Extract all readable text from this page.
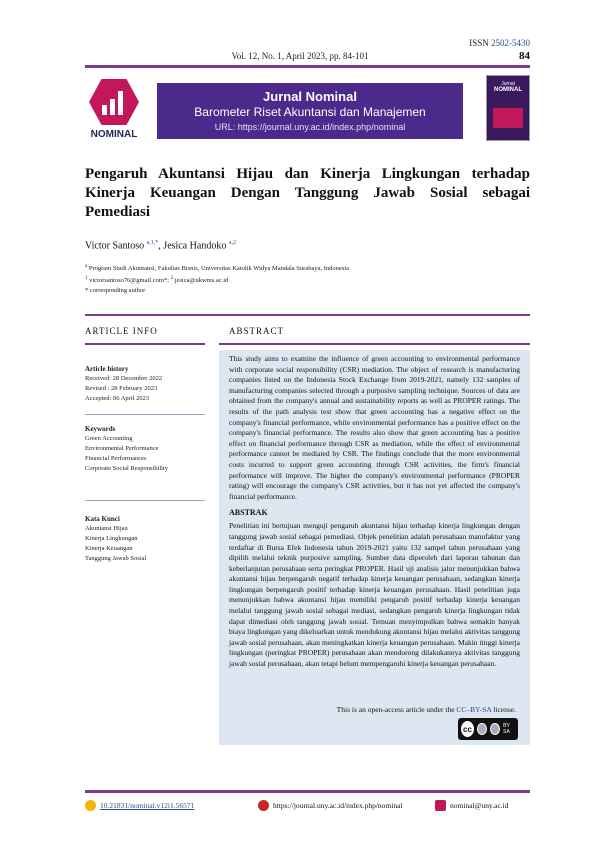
ISSN 2502-5430
Vol. 12, No. 1, April 2023, pp. 84-101	84
NOMINAL
Jurnal Nominal
Barometer Riset Akuntansi dan Manajemen
URL: https://journal.uny.ac.id/index.php/nominal
Jurnal
NOMINAL
Pengaruh Akuntansi Hijau dan Kinerja Lingkungan terhadap Kinerja Keuangan Dengan Tanggung Jawab Sosial sebagai Pemediasi
Victor Santoso $^{a,1,*}$, Jesica Handoko $^{a,2}$
$^a$ Program Studi Akuntansi, Fakultas Bisnis, Universitas Katolik Widya Mandala Surabaya, Indonesia
$^1$ victorsantoso76@gmail.com*; $^2$ jesica@ukwms.ac.id
* corresponding author
ARTICLE INFO	ABSTRACT
Article history
Received: 28 December 2022
Revised : 28 February 2023
Accepted: 06 April 2023
Keywords
Green Accounting
Environmental Performance
Financial Performances
Corporate Social Responsibility
Kata Kunci
Akuntansi Hijau
Kinerja Lingkungan
Kinerja Keuangan
Tanggung Jawab Sosial

This study aims to examine the influence of green accounting to environmental performance with corporate social responsibility (CSR) mediation. The object of research is manufacturing companies listed on the Indonesia Stock Exchange from 2019-2021, namely 132 samples of manufacturing companies selected through a purposive sampling technique. Sources of data are obtained from the company's annual and sustainability reports as well as PROPER ratings. The results of the path analysis test show that green accounting has a negative effect on the company's financial performance, while environmental performance has a positive effect on the company's financial performance. The results also show that green accounting has a positive effect on financial performance through CSR as mediation, while the effect of environmental performance cannot be mediated by CSR. The findings conclude that the more environmental costs incurred to support green accounting through CSR activities, the firm's financial performance will improve. The higher the company's environmental performance (PROPER rating) will encourage the company's CSR activities, but it has not yet affected the company's financial performance.

ABSTRAK

Penelitian ini bertujuan menguji pengaruh akuntansi hijau terhadap kinerja lingkungan dengan tanggung jawab sosial sebagai pemediasi. Objek penelitian adalah perusahaan manufaktur yang terdaftar di Bursa Efek Indonesia tahun 2019-2021 yaitu 132 sampel tahun perusahaan yang dipilih melalui teknik purposive sampling. Sumber data diperoleh dari laporan tahunan dan keberlanjutan perusahaan serta peringkat PROPER. Hasil uji analisis jalur menunjukkan bahwa akuntansi hijau berpengaruh negatif terhadap kinerja keuangan perusahaan, sedangkan kinerja lingkungan berpengaruh positif terhadap kinerja keuangan perusahaan. Hasil penelitian juga menunjukkan bahwa akuntansi hijau memiliki pengaruh positif terhadap kinerja keuangan melalui tanggung jawab sosial sebagai mediasi, sedangkan pengaruh kinerja lingkungan tidak dapat dimediasi oleh tanggung jawab sosial. Temuan menyimpulkan bahwa semakin banyak biaya lingkungan yang dikeluarkan untuk mendukung akuntansi hijau melalui aktivitas tanggung jawab sosial perusahaan, akan meningkatkan kinerja keuangan perusahaan. Makin tinggi kinerja lingkungan (peringkat PROPER) perusahaan akan mendorong dilakukannya aktivitas tanggung jawab sosial perusahaan, akan tetapi belum mempengaruhi kinerja keuangan perusahaan.

This is an open-access article under the CC–BY-SA license.
cc	BY SA
10.21831/nominal.v12i1.56571	https://journal.uny.ac.id/index.php/nominal	nominal@uny.ac.id
